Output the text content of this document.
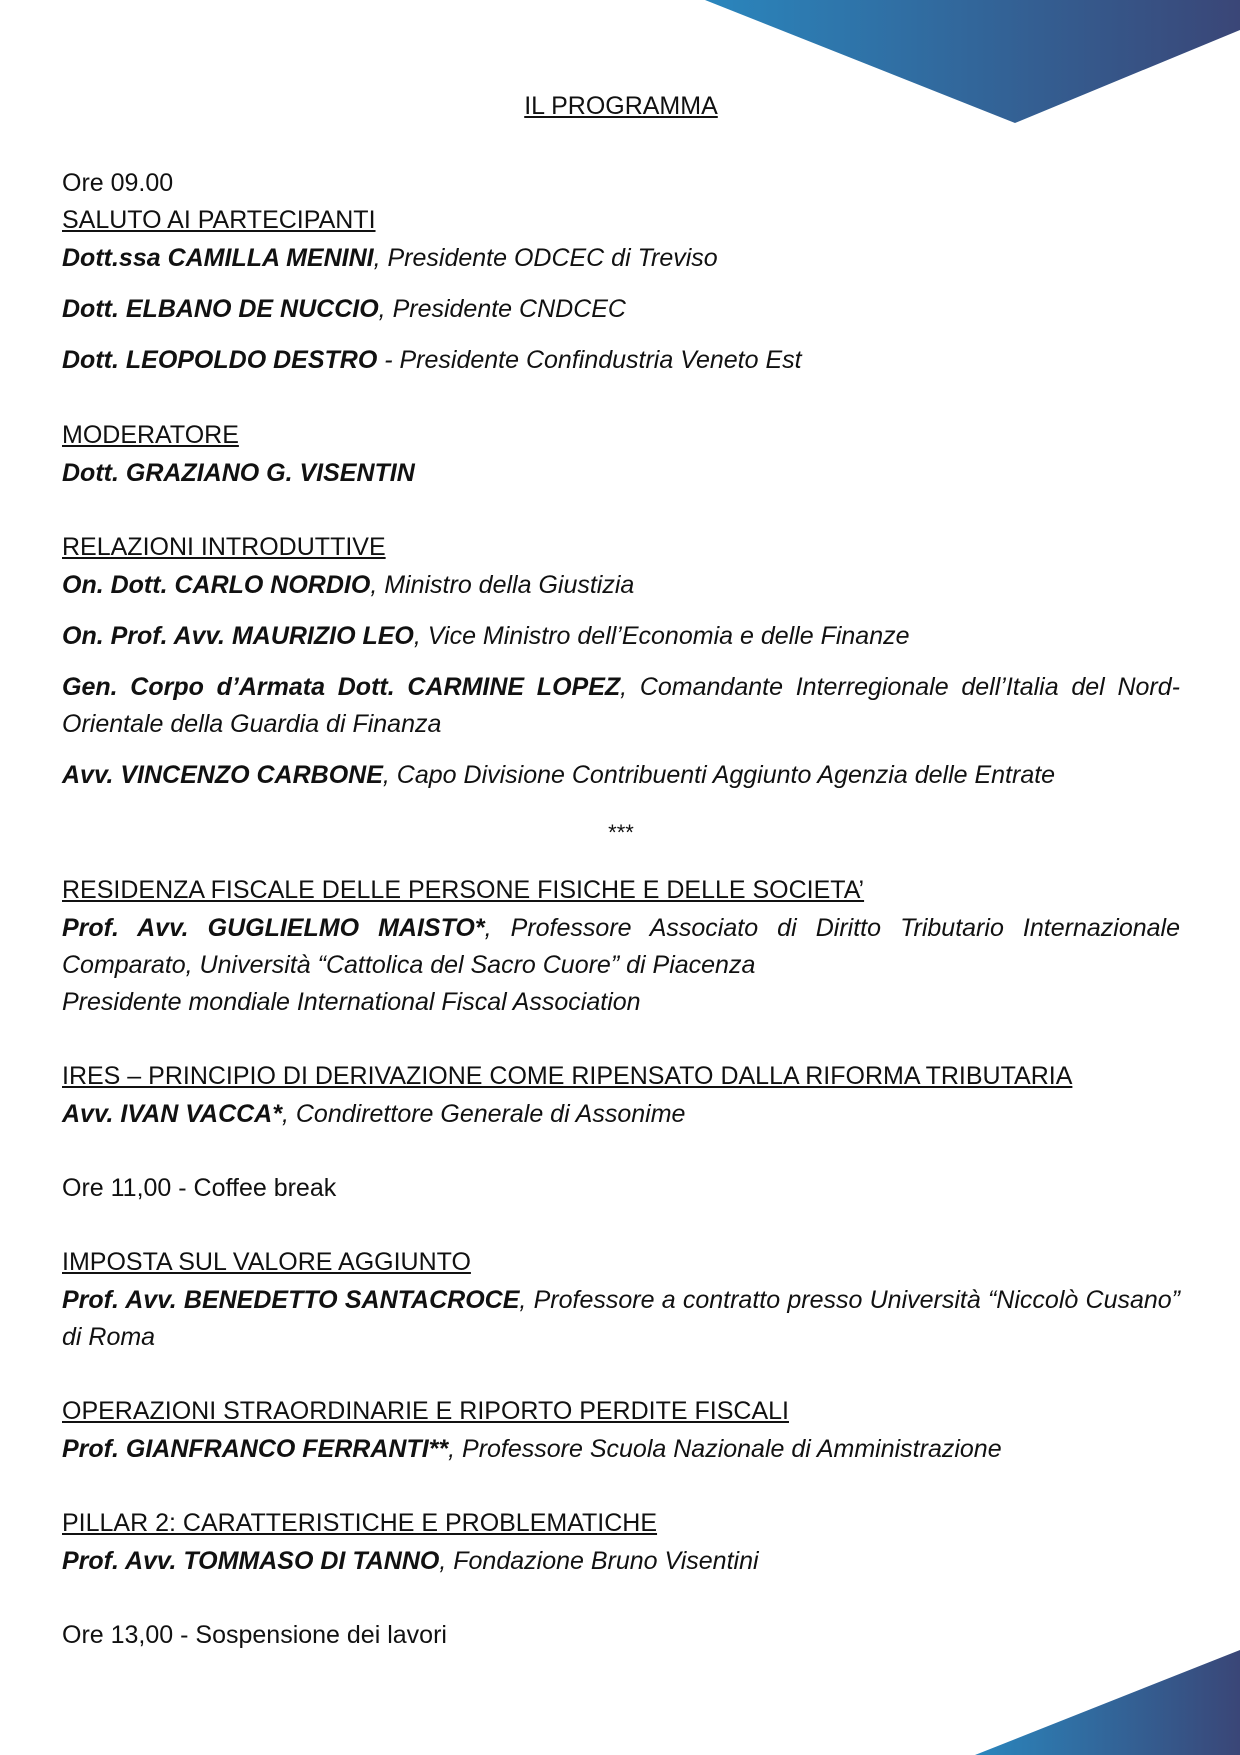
IL PROGRAMMA
Ore 09.00
SALUTO AI PARTECIPANTI
Dott.ssa CAMILLA MENINI, Presidente ODCEC di Treviso
Dott. ELBANO DE NUCCIO, Presidente CNDCEC
Dott. LEOPOLDO DESTRO - Presidente Confindustria Veneto Est
MODERATORE
Dott. GRAZIANO G. VISENTIN
RELAZIONI INTRODUTTIVE
On. Dott. CARLO NORDIO, Ministro della Giustizia
On. Prof. Avv. MAURIZIO LEO, Vice Ministro dell’Economia e delle Finanze
Gen. Corpo d’Armata Dott. CARMINE LOPEZ, Comandante Interregionale dell’Italia del Nord-Orientale della Guardia di Finanza
Avv. VINCENZO CARBONE, Capo Divisione Contribuenti Aggiunto Agenzia delle Entrate
***
RESIDENZA FISCALE DELLE PERSONE FISICHE E DELLE SOCIETA’
Prof. Avv. GUGLIELMO MAISTO*, Professore Associato di Diritto Tributario Internazionale Comparato, Università “Cattolica del Sacro Cuore” di Piacenza
Presidente mondiale International Fiscal Association
IRES – PRINCIPIO DI DERIVAZIONE COME RIPENSATO DALLA RIFORMA TRIBUTARIA
Avv. IVAN VACCA*, Condirettore Generale di Assonime
Ore 11,00 - Coffee break
IMPOSTA SUL VALORE AGGIUNTO
Prof. Avv. BENEDETTO SANTACROCE, Professore a contratto presso Università “Niccolò Cusano” di Roma
OPERAZIONI STRAORDINARIE E RIPORTO PERDITE FISCALI
Prof. GIANFRANCO FERRANTI**, Professore Scuola Nazionale di Amministrazione
PILLAR 2: CARATTERISTICHE E PROBLEMATICHE
Prof. Avv. TOMMASO DI TANNO, Fondazione Bruno Visentini
Ore 13,00 - Sospensione dei lavori
